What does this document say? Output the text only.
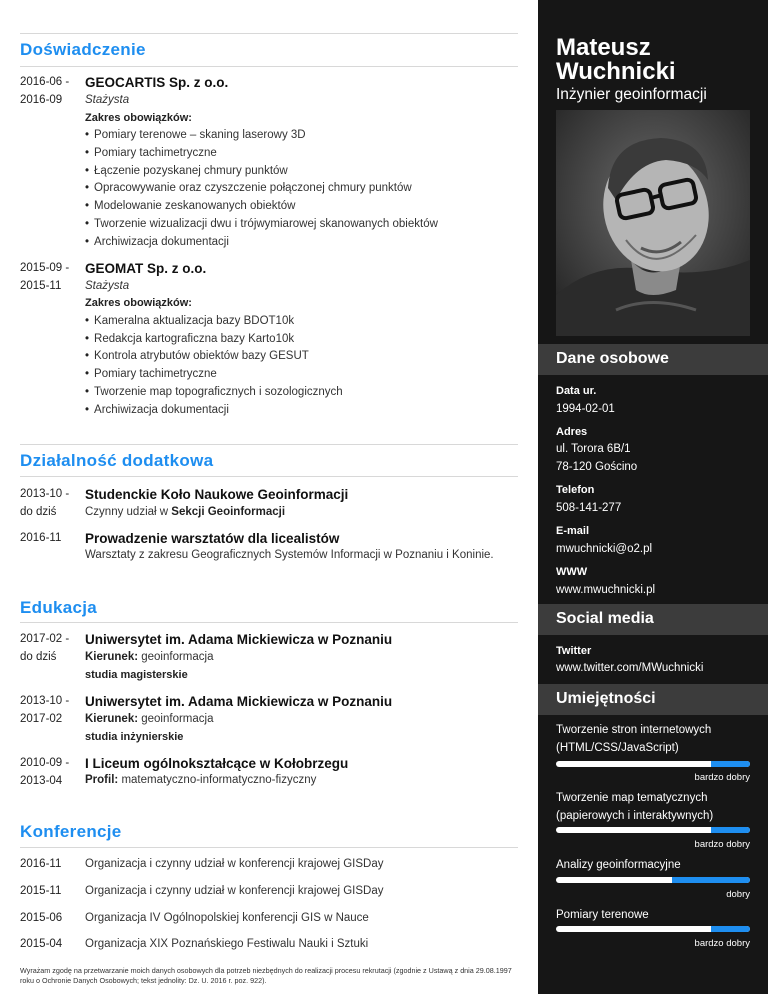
Doświadczenie
2016-06 -
2016-09
GEOCARTIS Sp. z o.o.
Stażysta
Zakres obowiązków:
• Pomiary terenowe – skaning laserowy 3D
• Pomiary tachimetryczne
• Łączenie pozyskanej chmury punktów
• Opracowywanie oraz czyszczenie połączonej chmury punktów
• Modelowanie zeskanowanych obiektów
• Tworzenie wizualizacji dwu i trójwymiarowej skanowanych obiektów
• Archiwizacja dokumentacji
2015-09 -
2015-11
GEOMAT Sp. z o.o.
Stażysta
Zakres obowiązków:
• Kameralna aktualizacja bazy BDOT10k
• Redakcja kartograficzna bazy Karto10k
• Kontrola atrybutów obiektów bazy GESUT
• Pomiary tachimetryczne
• Tworzenie map topograficznych i sozologicznych
• Archiwizacja dokumentacji
Działalność dodatkowa
2013-10 -
do dziś
Studenckie Koło Naukowe Geoinformacji
Czynny udział w Sekcji Geoinformacji
2016-11 Prowadzenie warsztatów dla licealistów
Warsztaty z zakresu Geograficznych Systemów Informacji w Poznaniu i Koninie.
Edukacja
2017-02 -
do dziś
Uniwersytet im. Adama Mickiewicza w Poznaniu
Kierunek: geoinformacja
studia magisterskie
2013-10 -
2017-02
Uniwersytet im. Adama Mickiewicza w Poznaniu
Kierunek: geoinformacja
studia inżynierskie
2010-09 -
2013-04
I Liceum ogólnokształcące w Kołobrzegu
Profil: matematyczno-informatyczno-fizyczny
Konferencje
2016-11 Organizacja i czynny udział w konferencji krajowej GISDay
2015-11 Organizacja i czynny udział w konferencji krajowej GISDay
2015-06 Organizacja IV Ogólnopolskiej konferencji GIS w Nauce
2015-04 Organizacja XIX Poznańskiego Festiwalu Nauki i Sztuki
Wyrażam zgodę na przetwarzanie moich danych osobowych dla potrzeb niezbędnych do realizacji procesu rekrutacji (zgodnie z Ustawą z dnia 29.08.1997 roku o Ochronie Danych Osobowych; tekst jednolity: Dz. U. 2016 r. poz. 922).
Mateusz
Wuchnicki
Inżynier geoinformacji
Dane osobowe
Data ur.
1994-02-01
Adres
ul. Torora 6B/1
78-120 Gościno
Telefon
508-141-277
E-mail
mwuchnicki@o2.pl
WWW
www.mwuchnicki.pl
Social media
Twitter
www.twitter.com/MWuchnicki
Umiejętności
Tworzenie stron internetowych
(HTML/CSS/JavaScript)
bardzo dobry
Tworzenie map tematycznych
(papierowych i interaktywnych)
bardzo dobry
Analizy geoinformacyjne
dobry
Pomiary terenowe
bardzo dobry
